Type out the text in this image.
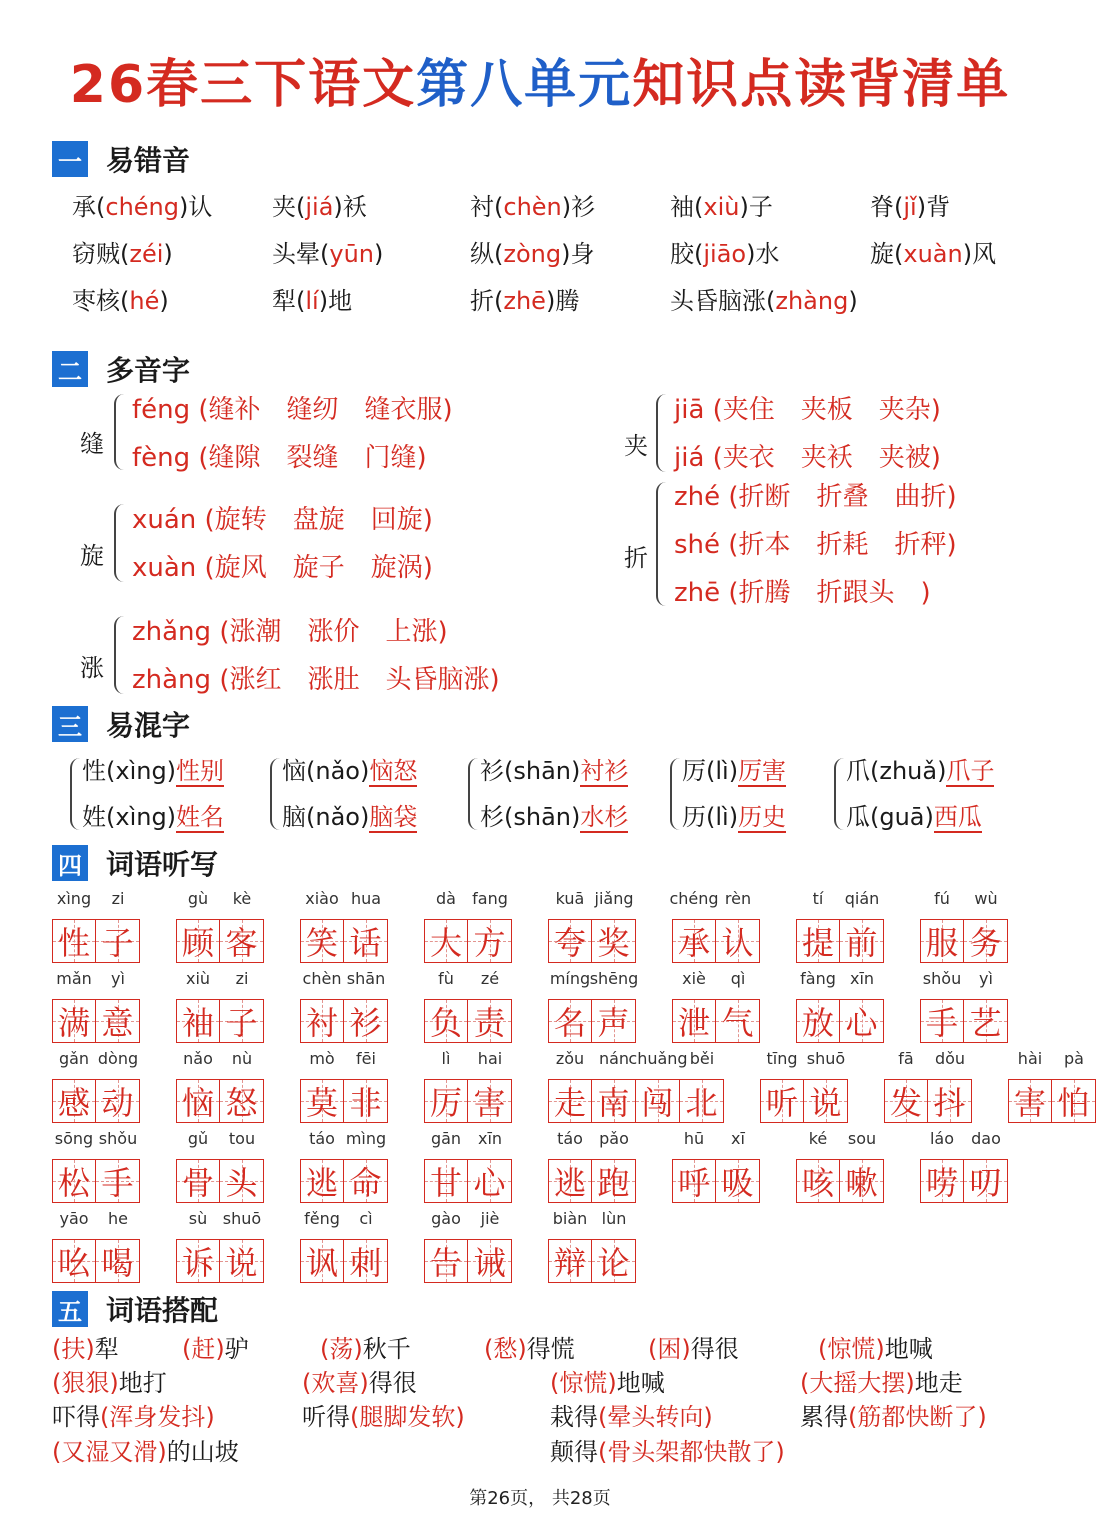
26春三下语文第八单元知识点读背清单
一 易错音
承(chéng)认 夹(jiá)袄	衬(chèn)衫	袖(xiù)子	脊(jǐ)背
窃贼(zéi)	头晕(yūn)	纵(zòng)身	胶(jiāo)水	旋(xuàn)风
枣核(hé)	犁(lí)地	折(zhē)腾	头昏脑涨(zhàng)
二 多音字
缝
féng (缝补　缝纫　缝衣服)
fèng (缝隙　裂缝　门缝)
旋
xuán (旋转　盘旋　回旋)
xuàn (旋风　旋子　旋涡)
涨
zhǎng (涨潮　涨价　上涨)
zhàng (涨红　涨肚　头昏脑涨)
夹
jiā (夹住　夹板　夹杂)
jiá (夹衣　夹袄　夹被)
折
zhé (折断　折叠　曲折)
shé (折本　折耗　折秤)
zhē (折腾　折跟头　)
三 易混字
性(xìng)性别
姓(xìng)姓名
恼(nǎo)恼怒
脑(nǎo)脑袋
衫(shān)衬衫
杉(shān)水杉
厉(lì)厉害
历(lì)历史
爪(zhuǎ)爪子
瓜(guā)西瓜
四 词语听写
xìng	zi
性 子
gù	kè
顾 客
xiào hua
笑 话
dà	fang
大 方
kuā jiǎng
夸 奖
chéng rèn
承 认
tí	qián
提 前
fú	wù
服 务
mǎn	yì
满 意
xiù	zi
袖 子
chèn shān
衬 衫
fù	zé
负 责
míng shēng
名 声
xiè	qì
泄 气
fàng xīn
放 心
shǒu	yì
手 艺
gǎn dòng
感 动
nǎo	nù
恼 怒
mò	fēi
莫 非
lì	hai
厉 害
zǒu nán chuǎng běi
走 南 闯 北
tīng shuō
听 说
fā	dǒu
发 抖
hài	pà
害 怕
sōng shǒu
松 手
gǔ	tou
骨 头
táo mìng
逃 命
gān	xīn
甘 心
táo	pǎo
逃 跑
hū	xī
呼 吸
ké	sou
咳 嗽
láo	dao
唠 叨
yāo	he
吆 喝
sù shuō
诉 说
fěng	cì
讽 刺
gào	jiè
告 诫
biàn lùn
辩 论
五 词语搭配
(扶)犁	(赶)驴	(荡)秋千	(愁)得慌	(困)得很	(惊慌)地喊
(狠狠)地打	(欢喜)得很	(惊慌)地喊	(大摇大摆)地走
吓得(浑身发抖)	听得(腿脚发软)	栽得(晕头转向)	累得(筋都快断了)
(又湿又滑)的山坡	颠得(骨头架都快散了)
第26页， 共28页
